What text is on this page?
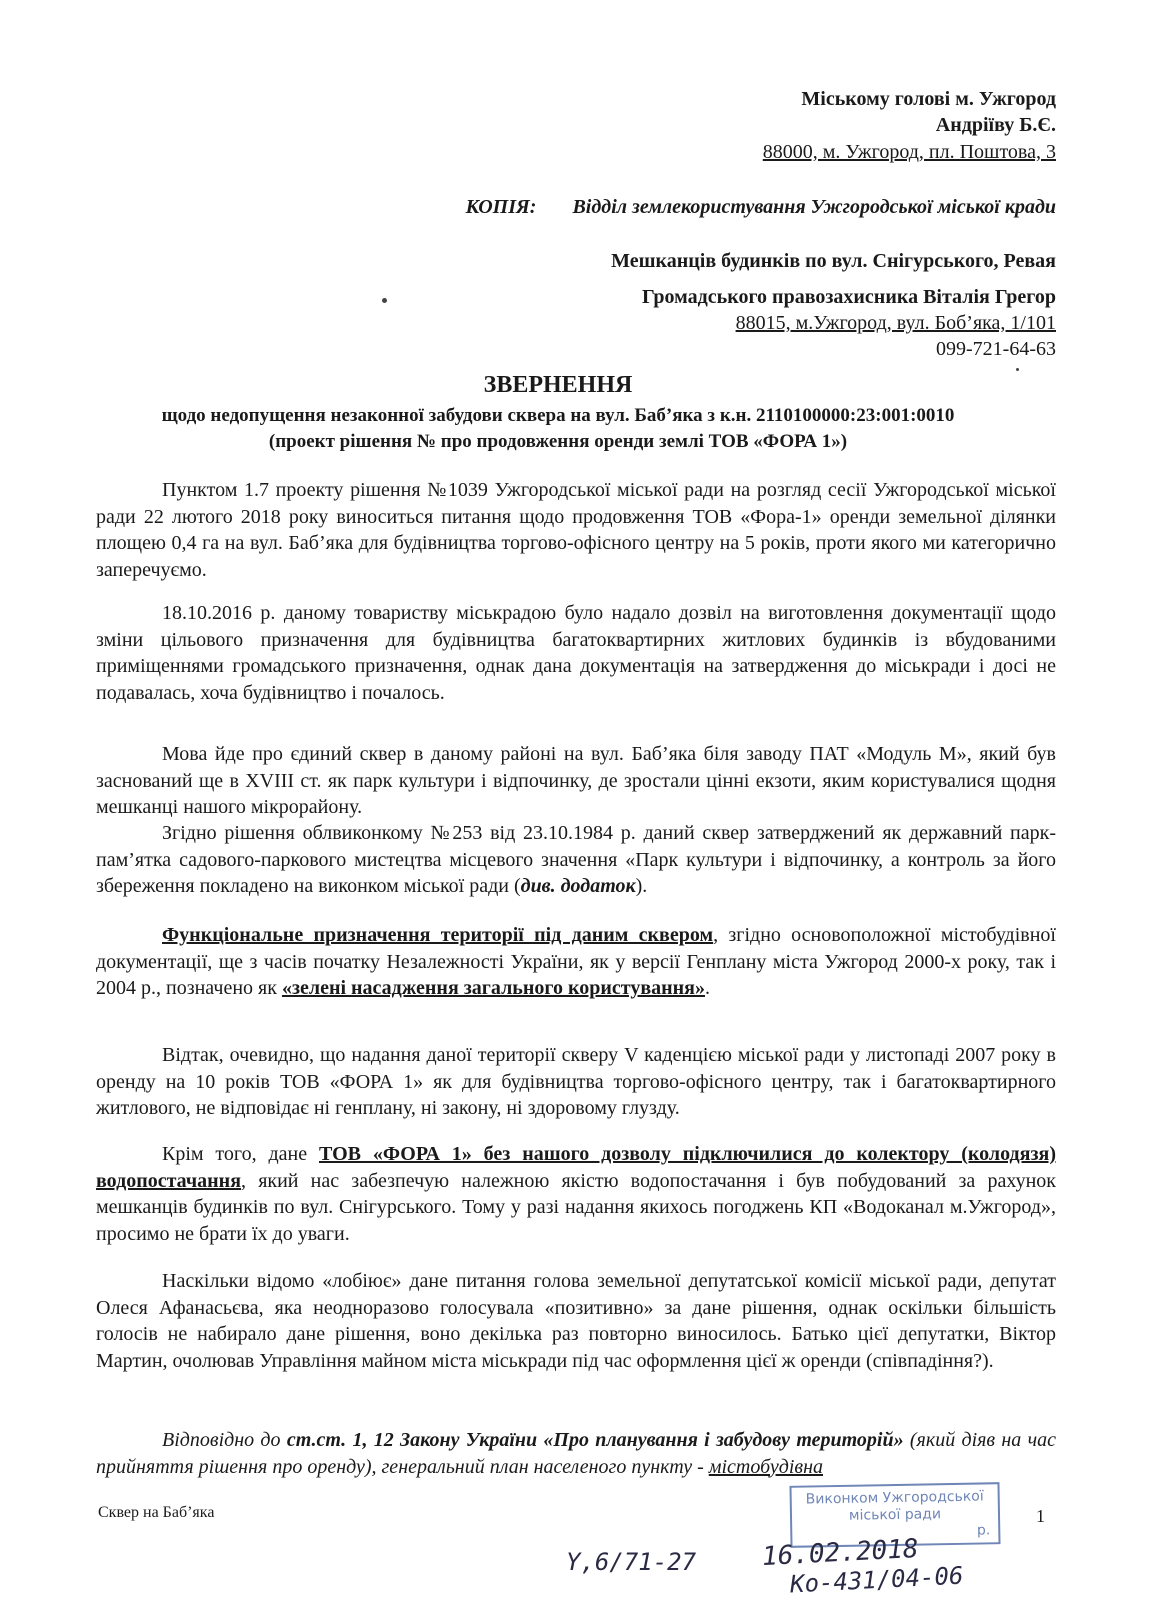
Міському голові м. Ужгород
Андріїву Б.Є.
88000, м. Ужгород, пл. Поштова, 3
КОПІЯ: Відділ землекористування Ужгородської міської кради
Мешканців будинків по вул. Снігурського, Ревая
Громадського правозахисника Віталія Грегор
88015, м.Ужгород, вул. Боб’яка, 1/101
099-721-64-63
ЗВЕРНЕННЯ
щодо недопущення незаконної забудови сквера на вул. Баб’яка з к.н. 2110100000:23:001:0010
(проект рішення № про продовження оренди землі ТОВ «ФОРА 1»)

Пунктом 1.7 проекту рішення №1039 Ужгородської міської ради на розгляд сесії Ужгородської міської ради 22 лютого 2018 року виноситься питання щодо продовження ТОВ «Фора-1» оренди земельної ділянки площею 0,4 га на вул. Баб’яка для будівництва торгово-офісного центру на 5 років, проти якого ми категорично заперечуємо.

18.10.2016 р. даному товариству міськрадою було надало дозвіл на виготовлення документації щодо зміни цільового призначення для будівництва багатоквартирних житлових будинків із вбудованими приміщеннями громадського призначення, однак дана документація на затвердження до міськради і досі не подавалась, хоча будівництво і почалось.

Мова йде про єдиний сквер в даному районі на вул. Баб’яка біля заводу ПАТ «Модуль М», який був заснований ще в XVIII ст. як парк культури і відпочинку, де зростали цінні екзоти, яким користувалися щодня мешканці нашого мікрорайону.

Згідно рішення облвиконкому №253 від 23.10.1984 р. даний сквер затверджений як державний парк-пам’ятка садового-паркового мистецтва місцевого значення «Парк культури і відпочинку, а контроль за його збереження покладено на виконком міської ради (див. додаток).

Функціональне призначення території під даним сквером, згідно основоположної містобудівної документації, ще з часів початку Незалежності України, як у версії Генплану міста Ужгород 2000-х року, так і 2004 р., позначено як «зелені насадження загального користування».

Відтак, очевидно, що надання даної території скверу V каденцією міської ради у листопаді 2007 року в оренду на 10 років ТОВ «ФОРА 1» як для будівництва торгово-офісного центру, так і багатоквартирного житлового, не відповідає ні генплану, ні закону, ні здоровому глузду.

Крім того, дане ТОВ «ФОРА 1» без нашого дозволу підключилися до колектору (колодязя) водопостачання, який нас забезпечую належною якістю водопостачання і був побудований за рахунок мешканців будинків по вул. Снігурського. Тому у разі надання якихось погоджень КП «Водоканал м.Ужгород», просимо не брати їх до уваги.

Наскільки відомо «лобіює» дане питання голова земельної депутатської комісії міської ради, депутат Олеся Афанасьєва, яка неодноразово голосувала «позитивно» за дане рішення, однак оскільки більшість голосів не набирало дане рішення, воно декілька раз повторно виносилось. Батько цієї депутатки, Віктор Мартин, очолював Управління майном міста міськради під час оформлення цієї ж оренди (співпадіння?).

Відповідно до ст.ст. 1, 12 Закону України «Про планування і забудову територій» (який діяв на час прийняття рішення про оренду), генеральний план населеного пункту - містобудівна

Сквер на Баб’яка	1
Виконком Ужгородської
міської ради
р.
Y,6/71-27	16.02.2018
Ко-431/04-06
